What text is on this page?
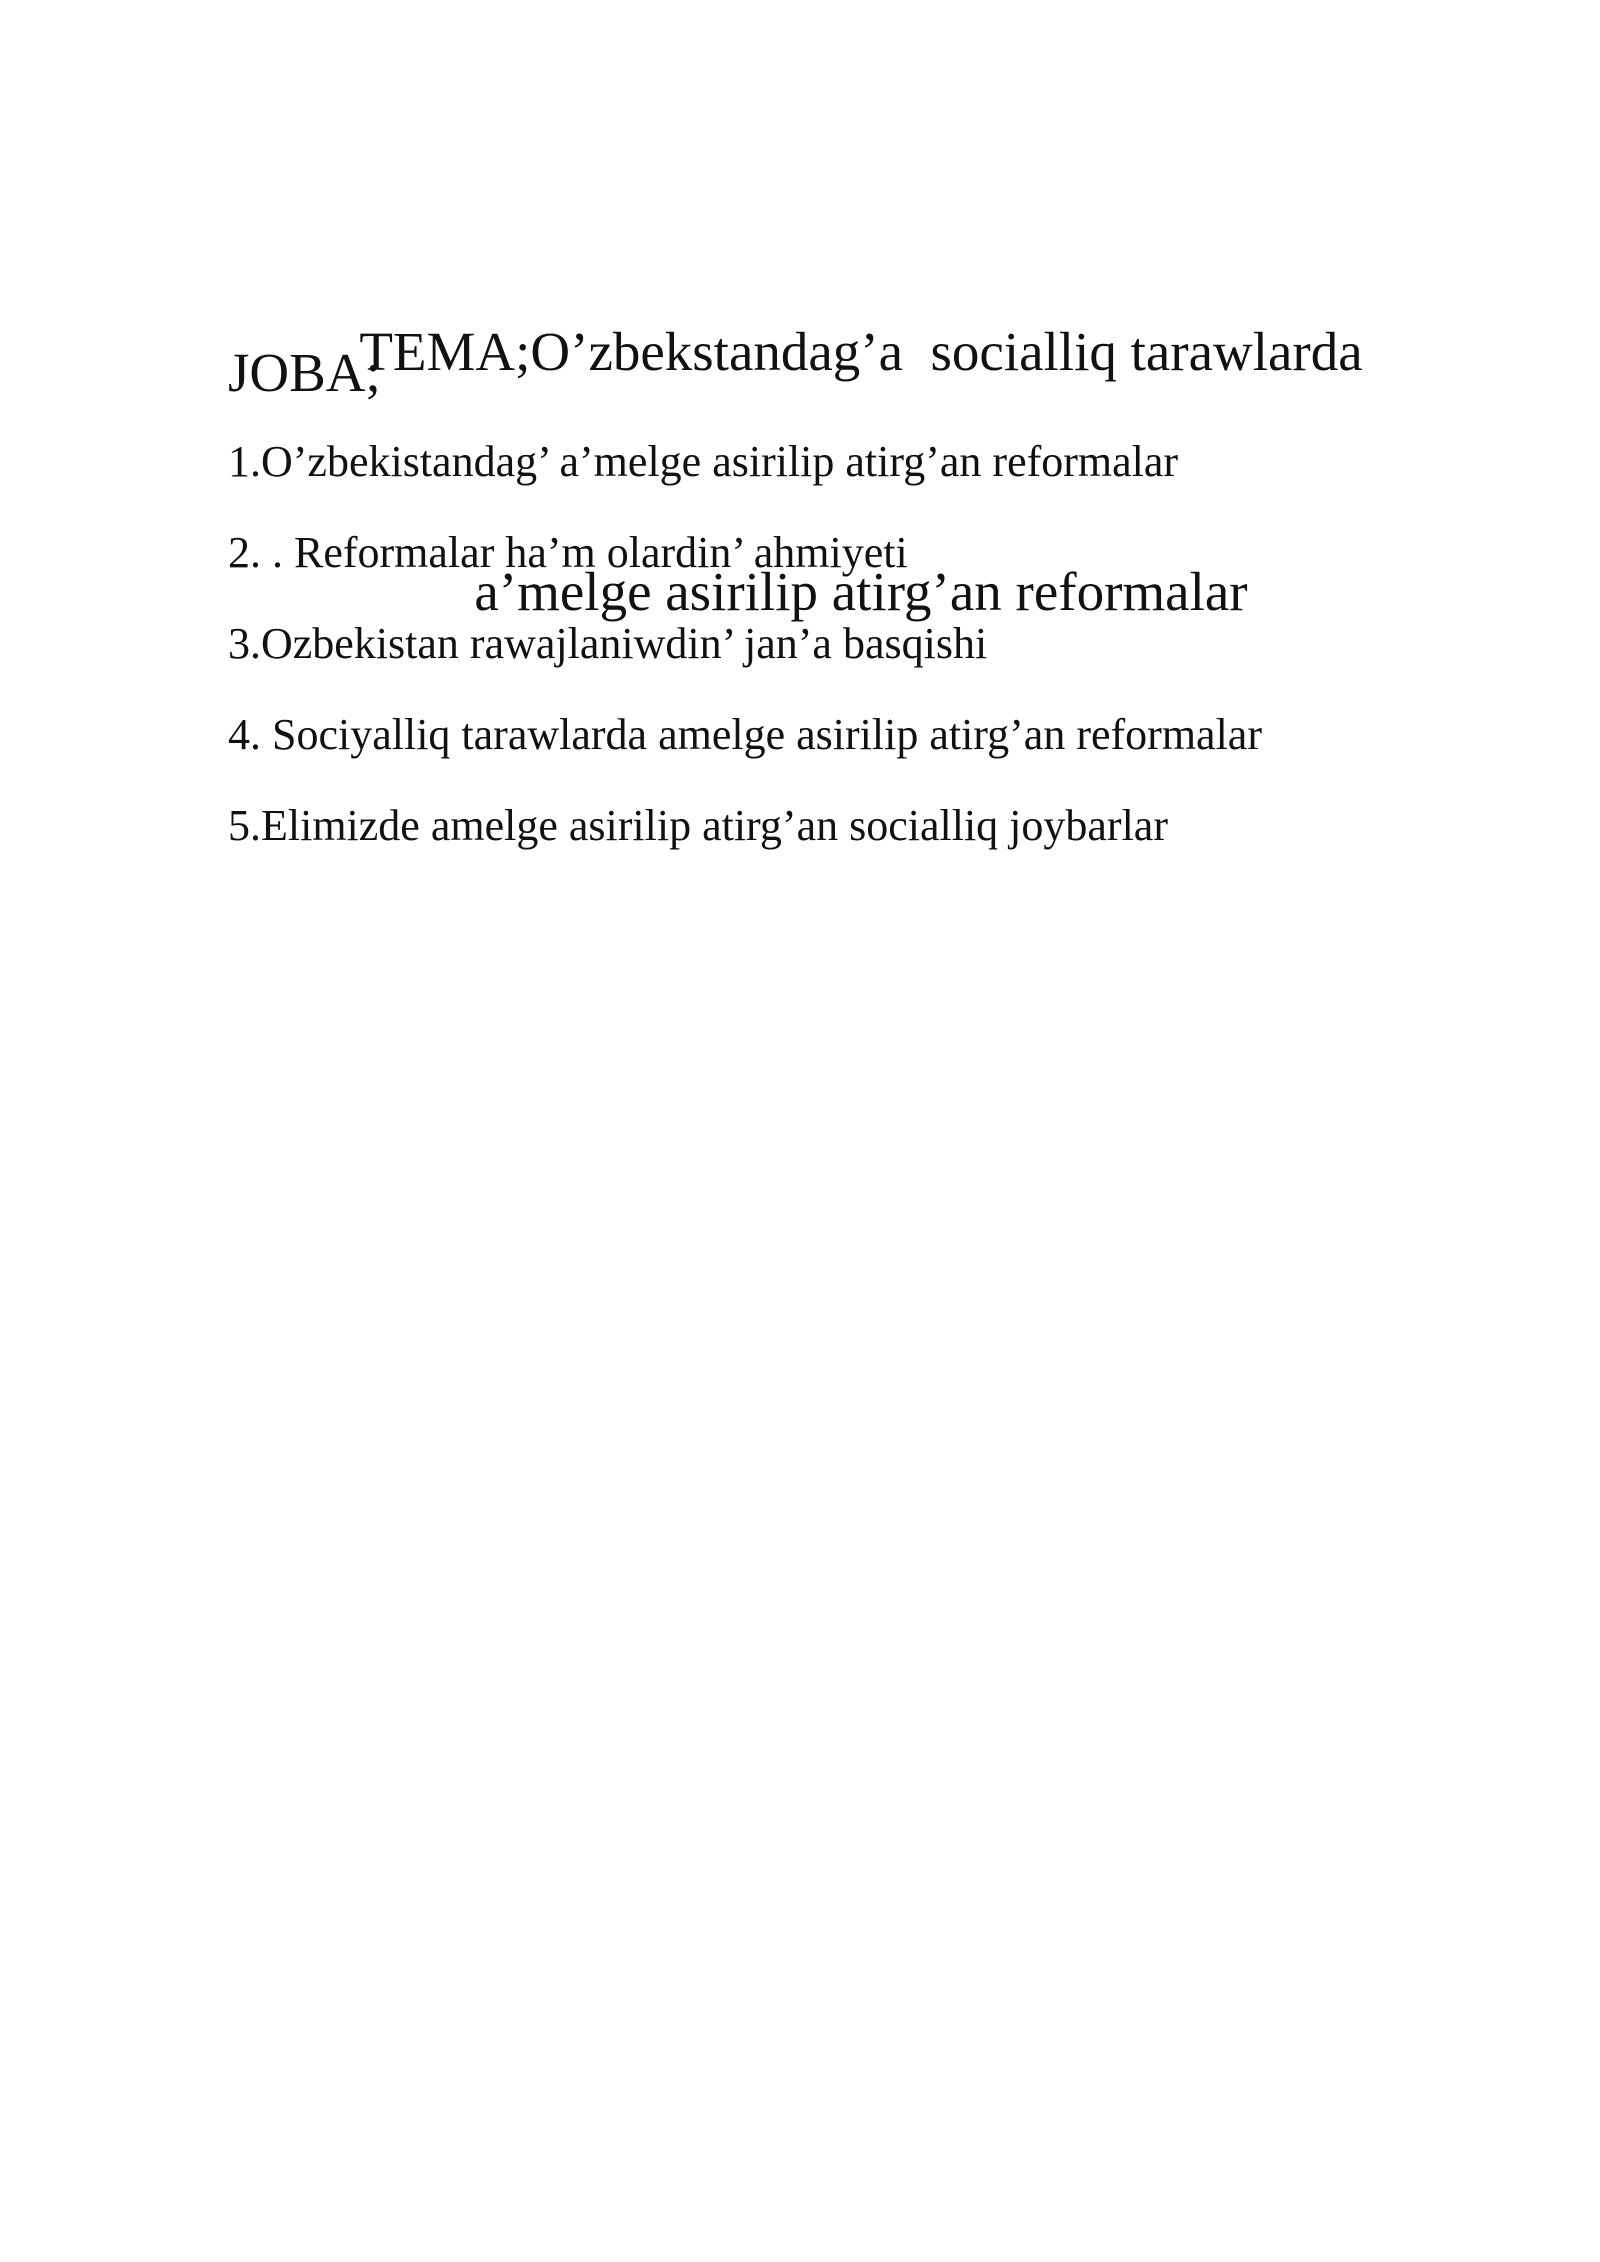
TEMA;O’zbekstandag’a  socialliq tarawlarda

a’melge asirilip atirg’an reformalar

JOBA;
1.O’zbekistandag’ a’melge asirilip atirg’an reformalar
2. . Reformalar ha’m olardin’ ahmiyeti
3.Ozbekistan rawajlaniwdin’ jan’a basqishi
4. Sociyalliq tarawlarda amelge asirilip atirg’an reformalar
5.Elimizde amelge asirilip atirg’an socialliq joybarlar
